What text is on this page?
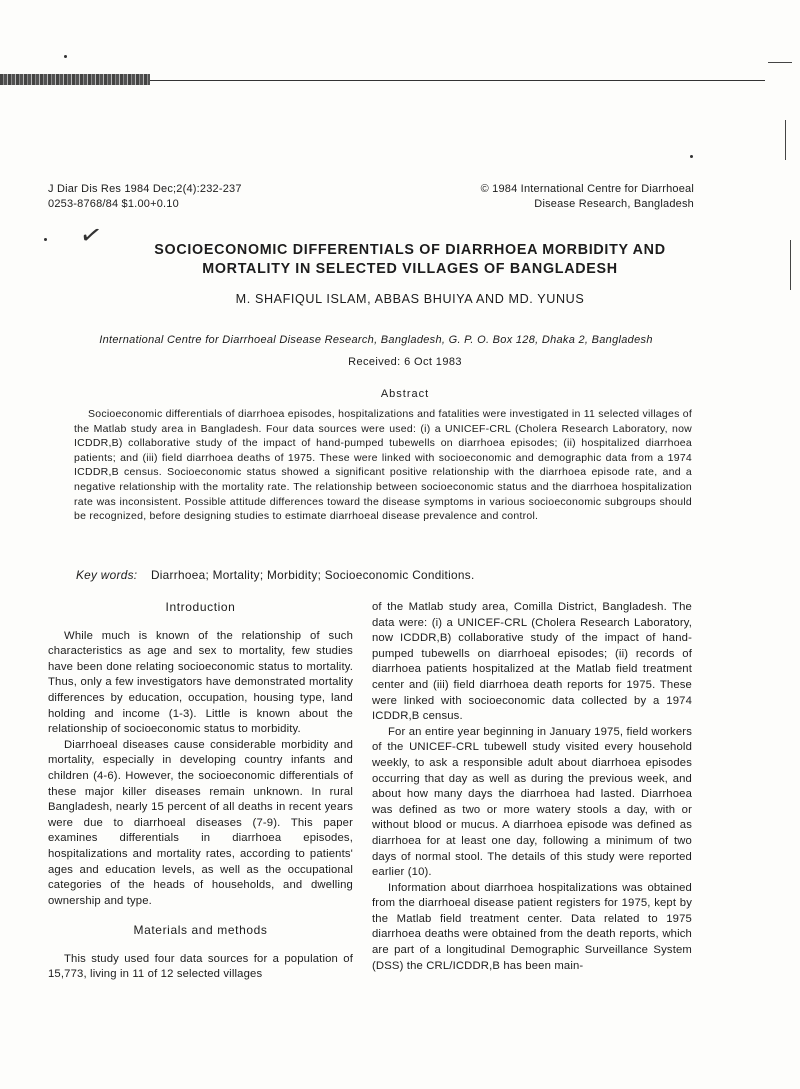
J Diar Dis Res 1984 Dec;2(4):232-237
0253-8768/84 $1.00+0.10
© 1984 International Centre for Diarrhoeal
Disease Research, Bangladesh
✓	SOCIOECONOMIC DIFFERENTIALS OF DIARRHOEA MORBIDITY AND
MORTALITY IN SELECTED VILLAGES OF BANGLADESH
M. SHAFIQUL ISLAM, ABBAS BHUIYA AND MD. YUNUS
International Centre for Diarrhoeal Disease Research, Bangladesh, G. P. O. Box 128, Dhaka 2, Bangladesh
Received: 6 Oct 1983
Abstract

Socioeconomic differentials of diarrhoea episodes, hospitalizations and fatalities were investigated in 11 selected villages of the Matlab study area in Bangladesh. Four data sources were used: (i) a UNICEF-CRL (Cholera Research Laboratory, now ICDDR,B) collaborative study of the impact of hand-pumped tubewells on diarrhoea episodes; (ii) hospitalized diarrhoea patients; and (iii) field diarrhoea deaths of 1975. These were linked with socioeconomic and demographic data from a 1974 ICDDR,B census. Socioeconomic status showed a significant positive relationship with the diarrhoea episode rate, and a negative relationship with the mortality rate. The relationship between socioeconomic status and the diarrhoea hospitalization rate was inconsistent. Possible attitude differences toward the disease symptoms in various socioeconomic subgroups should be recognized, before designing studies to estimate diarrhoeal disease prevalence and control.

Key words: Diarrhoea; Mortality; Morbidity; Socioeconomic Conditions.
Introduction

While much is known of the relationship of such characteristics as age and sex to mortality, few studies have been done relating socioeconomic status to mortality. Thus, only a few investigators have demonstrated mortality differences by education, occupation, housing type, land holding and income (1-3). Little is known about the relationship of socioeconomic status to morbidity.

Diarrhoeal diseases cause considerable morbidity and mortality, especially in developing country infants and children (4-6). However, the socioeconomic differentials of these major killer diseases remain unknown. In rural Bangladesh, nearly 15 percent of all deaths in recent years were due to diarrhoeal diseases (7-9). This paper examines differentials in diarrhoea episodes, hospitalizations and mortality rates, according to patients' ages and education levels, as well as the occupational categories of the heads of households, and dwelling ownership and type.

Materials and methods

This study used four data sources for a population of 15,773, living in 11 of 12 selected villages

of the Matlab study area, Comilla District, Bangladesh. The data were: (i) a UNICEF-CRL (Cholera Research Laboratory, now ICDDR,B) collaborative study of the impact of hand-pumped tubewells on diarrhoeal episodes; (ii) records of diarrhoea patients hospitalized at the Matlab field treatment center and (iii) field diarrhoea death reports for 1975. These were linked with socioeconomic data collected by a 1974 ICDDR,B census.

For an entire year beginning in January 1975, field workers of the UNICEF-CRL tubewell study visited every household weekly, to ask a responsible adult about diarrhoea episodes occurring that day as well as during the previous week, and about how many days the diarrhoea had lasted. Diarrhoea was defined as two or more watery stools a day, with or without blood or mucus. A diarrhoea episode was defined as diarrhoea for at least one day, following a minimum of two days of normal stool. The details of this study were reported earlier (10).

Information about diarrhoea hospitalizations was obtained from the diarrhoeal disease patient registers for 1975, kept by the Matlab field treatment center. Data related to 1975 diarrhoea deaths were obtained from the death reports, which are part of a longitudinal Demographic Surveillance System (DSS) the CRL/ICDDR,B has been main-
